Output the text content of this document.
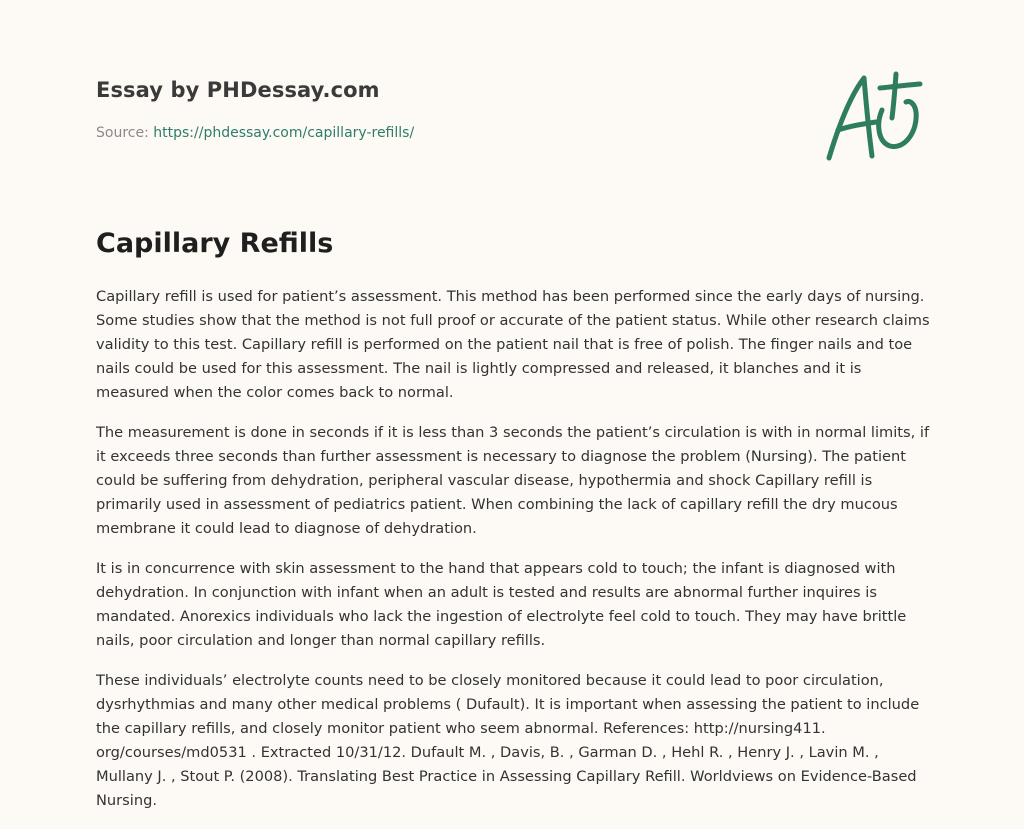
Essay by PHDessay.com
Source: https://phdessay.com/capillary-refills/
Capillary Refills

Capillary refill is used for patient’s assessment. This method has been performed since the early days of nursing. Some studies show that the method is not full proof or accurate of the patient status. While other research claims validity to this test. Capillary refill is performed on the patient nail that is free of polish. The finger nails and toe nails could be used for this assessment. The nail is lightly compressed and released, it blanches and it is measured when the color comes back to normal.

The measurement is done in seconds if it is less than 3 seconds the patient’s circulation is with in normal limits, if it exceeds three seconds than further assessment is necessary to diagnose the problem (Nursing). The patient could be suffering from dehydration, peripheral vascular disease, hypothermia and shock Capillary refill is primarily used in assessment of pediatrics patient. When combining the lack of capillary refill the dry mucous membrane it could lead to diagnose of dehydration.

It is in concurrence with skin assessment to the hand that appears cold to touch; the infant is diagnosed with dehydration. In conjunction with infant when an adult is tested and results are abnormal further inquires is mandated. Anorexics individuals who lack the ingestion of electrolyte feel cold to touch. They may have brittle nails, poor circulation and longer than normal capillary refills.

These individuals’ electrolyte counts need to be closely monitored because it could lead to poor circulation, dysrhythmias and many other medical problems ( Dufault). It is important when assessing the patient to include the capillary refills, and closely monitor patient who seem abnormal. References: http://nursing411. org/courses/md0531 . Extracted 10/31/12. Dufault M. , Davis, B. , Garman D. , Hehl R. , Henry J. , Lavin M. , Mullany J. , Stout P. (2008). Translating Best Practice in Assessing Capillary Refill. Worldviews on Evidence-Based Nursing.
